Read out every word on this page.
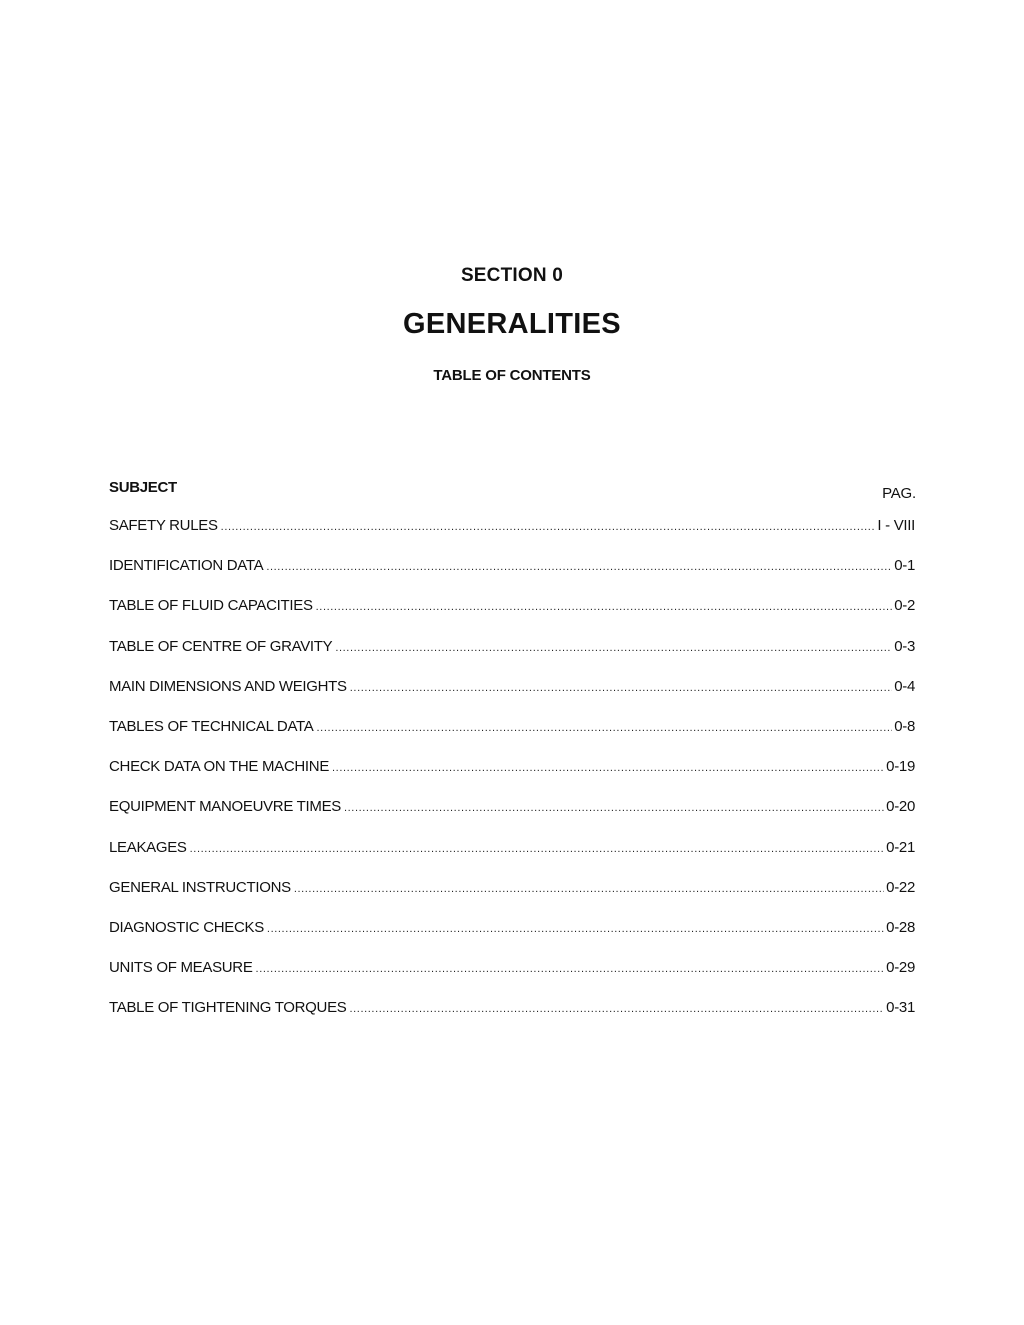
SECTION 0
GENERALITIES
TABLE OF CONTENTS
SUBJECT	PAG.
SAFETY RULES .....	I - VIII
IDENTIFICATION DATA .....	0-1
TABLE OF FLUID CAPACITIES .....	0-2
TABLE OF CENTRE OF GRAVITY .....	0-3
MAIN DIMENSIONS AND WEIGHTS .....	0-4
TABLES OF TECHNICAL DATA .....	0-8
CHECK DATA ON THE MACHINE .....	0-19
EQUIPMENT MANOEUVRE TIMES .....	0-20
LEAKAGES .....	0-21
GENERAL INSTRUCTIONS .....	0-22
DIAGNOSTIC CHECKS .....	0-28
UNITS OF MEASURE .....	0-29
TABLE OF TIGHTENING TORQUES .....	0-31
